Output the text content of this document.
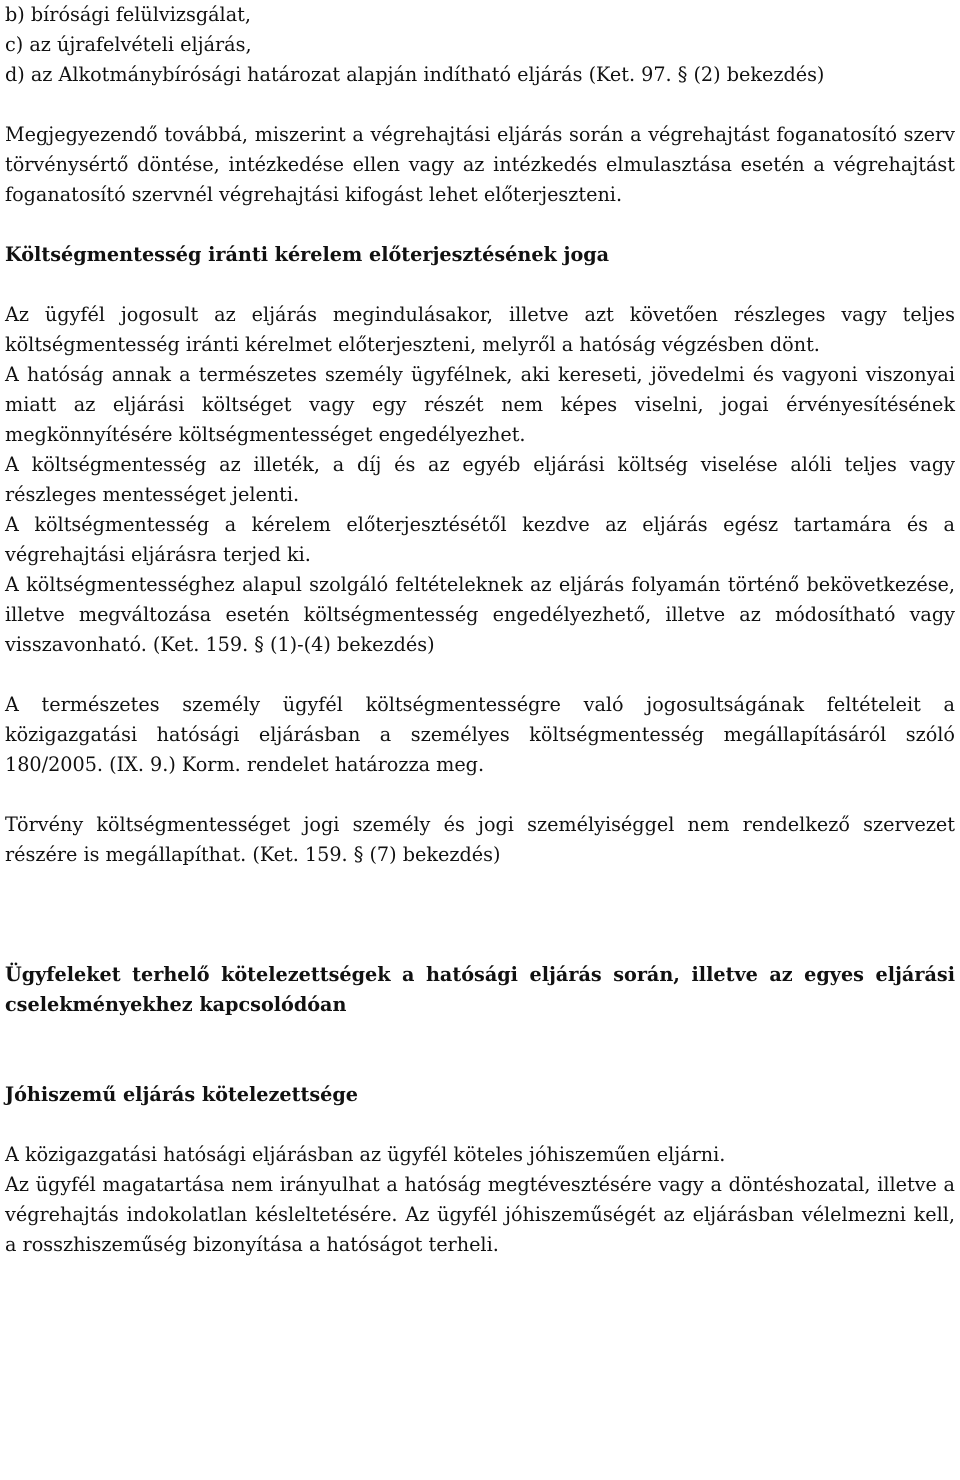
b) bírósági felülvizsgálat,

c) az újrafelvételi eljárás,

d) az Alkotmánybírósági határozat alapján indítható eljárás (Ket. 97. § (2) bekezdés)

Megjegyezendő továbbá, miszerint a végrehajtási eljárás során a végrehajtást foganatosító szerv törvénysértő döntése, intézkedése ellen vagy az intézkedés elmulasztása esetén a végrehajtást foganatosító szervnél végrehajtási kifogást lehet előterjeszteni.

Költségmentesség iránti kérelem előterjesztésének joga

Az ügyfél jogosult az eljárás megindulásakor, illetve azt követően részleges vagy teljes költségmentesség iránti kérelmet előterjeszteni, melyről a hatóság végzésben dönt.

A hatóság annak a természetes személy ügyfélnek, aki kereseti, jövedelmi és vagyoni viszonyai miatt az eljárási költséget vagy egy részét nem képes viselni, jogai érvényesítésének megkönnyítésére költségmentességet engedélyezhet.

A költségmentesség az illeték, a díj és az egyéb eljárási költség viselése alóli teljes vagy részleges mentességet jelenti.

A költségmentesség a kérelem előterjesztésétől kezdve az eljárás egész tartamára és a végrehajtási eljárásra terjed ki.

A költségmentességhez alapul szolgáló feltételeknek az eljárás folyamán történő bekövetkezése, illetve megváltozása esetén költségmentesség engedélyezhető, illetve az módosítható vagy visszavonható. (Ket. 159. § (1)-(4) bekezdés)

A természetes személy ügyfél költségmentességre való jogosultságának feltételeit a közigazgatási hatósági eljárásban a személyes költségmentesség megállapításáról szóló 180/2005. (IX. 9.) Korm. rendelet határozza meg.

Törvény költségmentességet jogi személy és jogi személyiséggel nem rendelkező szervezet részére is megállapíthat. (Ket. 159. § (7) bekezdés)

Ügyfeleket terhelő kötelezettségek a hatósági eljárás során, illetve az egyes eljárási cselekményekhez kapcsolódóan

Jóhiszemű eljárás kötelezettsége

A közigazgatási hatósági eljárásban az ügyfél köteles jóhiszeműen eljárni.

Az ügyfél magatartása nem irányulhat a hatóság megtévesztésére vagy a döntéshozatal, illetve a végrehajtás indokolatlan késleltetésére. Az ügyfél jóhiszeműségét az eljárásban vélelmezni kell, a rosszhiszeműség bizonyítása a hatóságot terheli.
